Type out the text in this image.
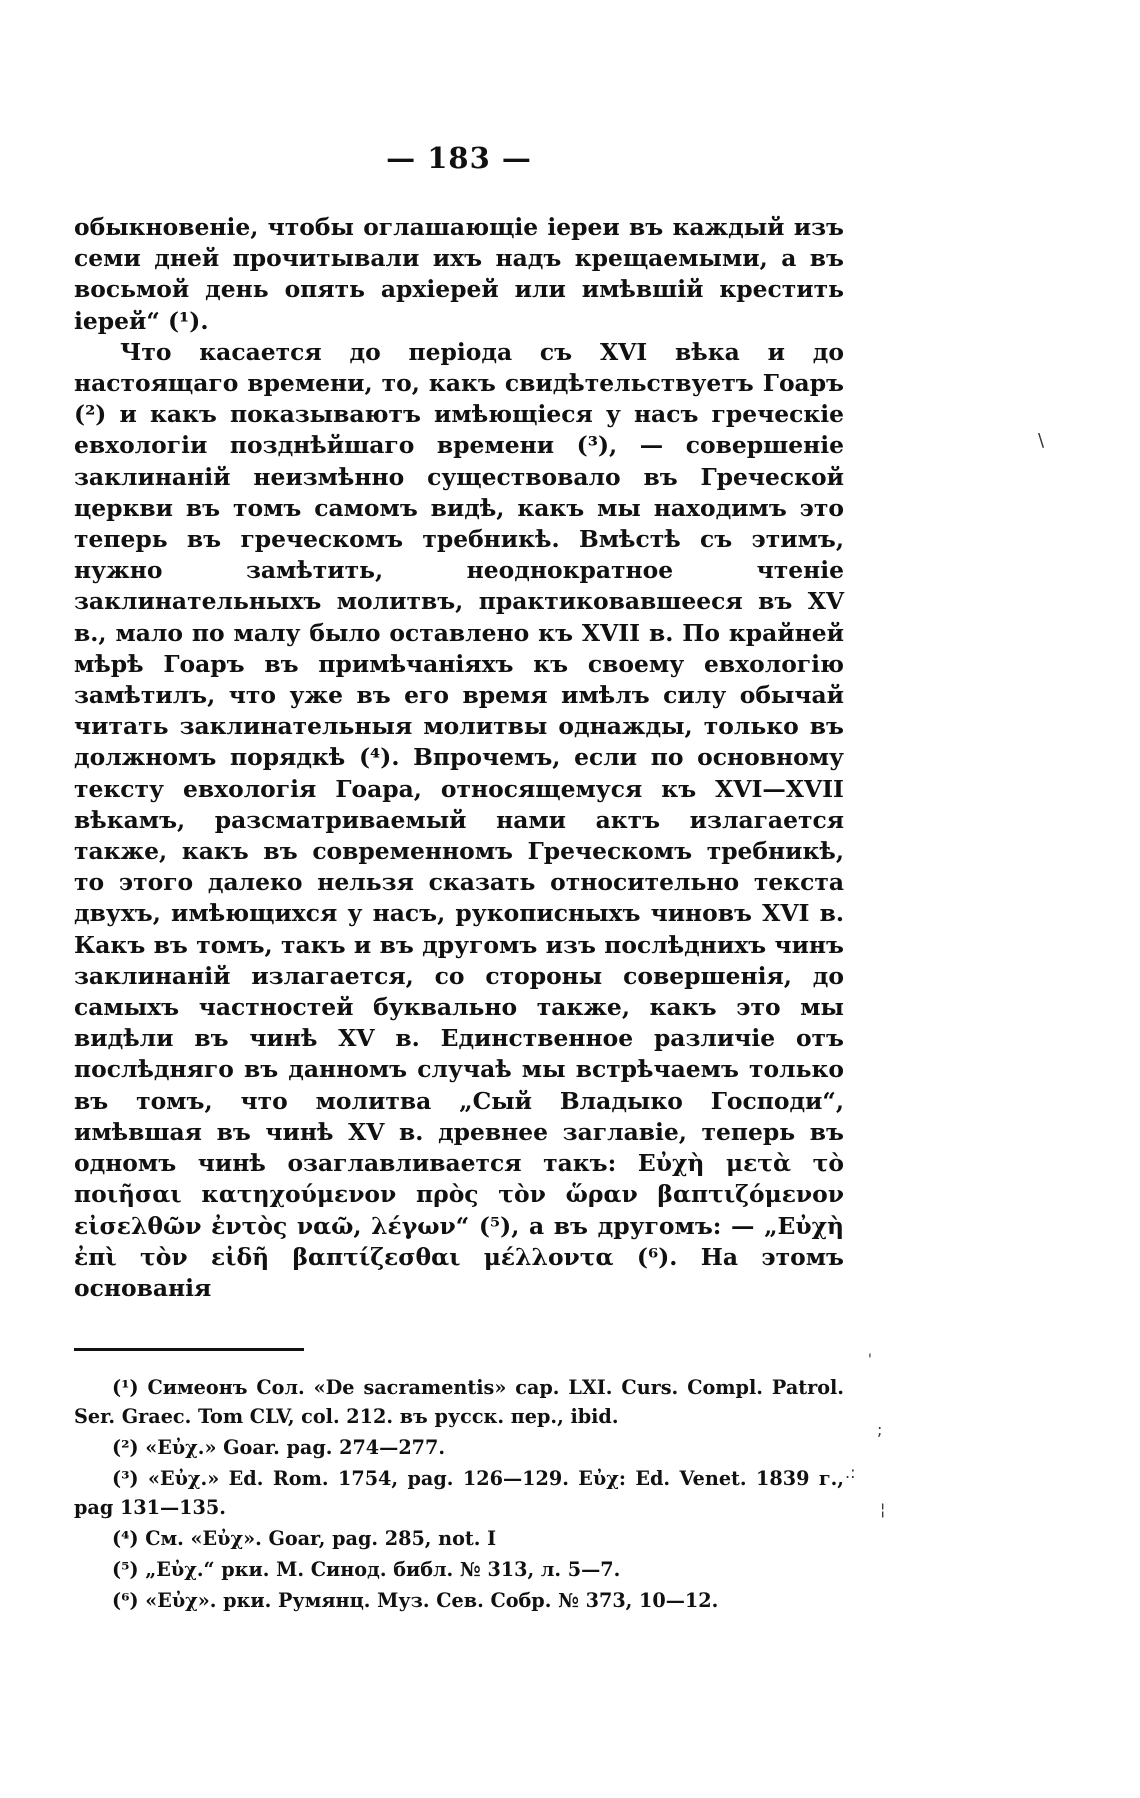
— 183 —

обыкновеніе, чтобы оглашающіе іереи въ каждый изъ семи дней прочитывали ихъ надъ крещаемыми, а въ восьмой день опять архіерей или имѣвшій крестить іерей“ (¹).

Что касается до періода съ XVI вѣка и до настоящаго времени, то, какъ свидѣтельствуетъ Гоаръ (²) и какъ показываютъ имѣющіеся у насъ греческіе евхологіи позднѣйшаго времени (³), — совершеніе заклинаній неизмѣнно существовало въ Греческой церкви въ томъ самомъ видѣ, какъ мы находимъ это теперь въ греческомъ требникѣ. Вмѣстѣ съ этимъ, нужно замѣтить, неоднократное чтеніе заклинательныхъ молитвъ, практиковавшееся въ XV в., мало по малу было оставлено къ XVII в. По крайней мѣрѣ Гоаръ въ примѣчаніяхъ къ своему евхологію замѣтилъ, что уже въ его время имѣлъ силу обычай читать заклинательныя молитвы однажды, только въ должномъ порядкѣ (⁴). Впрочемъ, если по основному тексту евхологія Гоара, относящемуся къ XVI—XVII вѣкамъ, разсматриваемый нами актъ излагается также, какъ въ современномъ Греческомъ требникѣ, то этого далеко нельзя сказать относительно текста двухъ, имѣющихся у насъ, рукописныхъ чиновъ XVI в. Какъ въ томъ, такъ и въ другомъ изъ послѣднихъ чинъ заклинаній излагается, со стороны совершенія, до самыхъ частностей буквально также, какъ это мы видѣли въ чинѣ XV в. Единственное различіе отъ послѣдняго въ данномъ случаѣ мы встрѣчаемъ только въ томъ, что молитва „Сый Владыко Господи“, имѣвшая въ чинѣ XV в. древнее заглавіе, теперь въ одномъ чинѣ озаглавливается такъ: Εὐχὴ μετὰ τὸ ποιῆσαι κατηχούμενον πρὸς τὸν ὥραν βαπτιζόμενον εἰσελθῶν ἐντὸς ναῶ, λέγων“ (⁵), а въ другомъ: — „Εὐχὴ ἐπὶ τὸν εἰδῆ βαπτίζεσθαι μέλλοντα (⁶). На этомъ основанія

(¹) Симеонъ Сол. «De sacramentis» cap. LXI. Curs. Compl. Patrol. Ser. Graec. Tom CLV, col. 212. въ русск. пер., ibid.

(²) «Εὐχ.» Goar. pag. 274—277.

(³) «Εὐχ.» Ed. Rom. 1754, pag. 126—129. Εὐχ: Ed. Venet. 1839 г., pag 131—135.

(⁴) См. «Εὐχ». Goar, pag. 285, not. I

(⁵) „Εὐχ.“ рки. М. Синод. библ. № 313, л. 5—7.

(⁶) «Εὐχ». рки. Румянц. Муз. Сев. Собр. № 373, 10—12.

\
'
;
.:
¦
